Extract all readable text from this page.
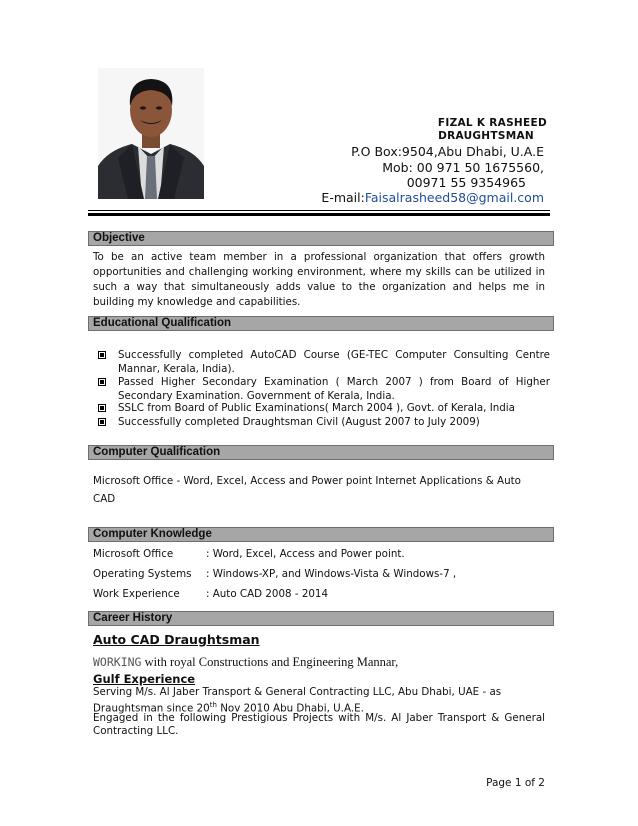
FIZAL K RASHEED
DRAUGHTSMAN
P.O Box:9504,Abu Dhabi, U.A.E
Mob: 00 971 50 1675560,
00971 55 9354965
E-mail:Faisalrasheed58@gmail.com
Objective
To be an active team member in a professional organization that offers growth opportunities and challenging working environment, where my skills can be utilized in such a way that simultaneously adds value to the organization and helps me in building my knowledge and capabilities.
Educational Qualification
Successfully completed AutoCAD Course (GE-TEC Computer Consulting Centre Mannar, Kerala, India).
Passed Higher Secondary Examination ( March 2007 ) from Board of Higher Secondary Examination. Government of Kerala, India.
SSLC from Board of Public Examinations( March 2004 ), Govt. of Kerala, India
Successfully completed Draughtsman Civil (August 2007 to July 2009)
Computer Qualification
Microsoft Office - Word, Excel, Access and Power point Internet Applications & Auto
CAD
Computer Knowledge
Microsoft Office	: Word, Excel, Access and Power point.
Operating Systems : Windows-XP, and Windows-Vista & Windows-7 ,
Work Experience	: Auto CAD 2008 - 2014
Career History
Auto CAD Draughtsman
WORKING with royal Constructions and Engineering Mannar,
Gulf Experience
Serving M/s. Al Jaber Transport & General Contracting LLC, Abu Dhabi, UAE - as
Draughtsman since 20th Nov 2010 Abu Dhabi, U.A.E.
Engaged in the following Prestigious Projects with M/s. Al Jaber Transport & General Contracting LLC.
Page 1 of 2
